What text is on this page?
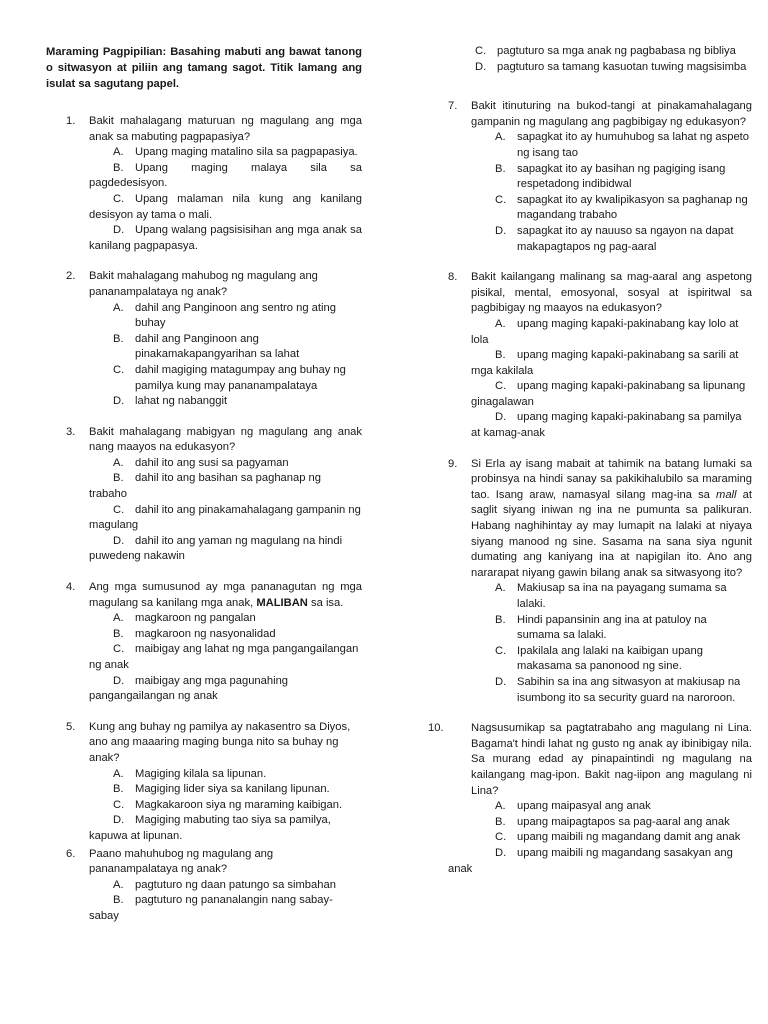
Maraming Pagpipilian: Basahing mabuti ang bawat tanong o sitwasyon at piliin ang tamang sagot. Titik lamang ang isulat sa sagutang papel.

1. Bakit mahalagang maturuan ng magulang ang mga anak sa mabuting pagpapasiya?
A. Upang maging matalino sila sa pagpapasiya.
B. Upang maging malaya sila sa pagdedesisyon.
C. Upang malaman nila kung ang kanilang desisyon ay tama o mali.
D. Upang walang pagsisisihan ang mga anak sa kanilang pagpapasya.
2. Bakit mahalagang mahubog ng magulang ang pananampalataya ng anak?
A. dahil ang Panginoon ang sentro ng ating buhay
B. dahil ang Panginoon ang pinakamakapangyarihan sa lahat
C. dahil magiging matagumpay ang buhay ng pamilya kung may pananampalataya
D. lahat ng nabanggit
3. Bakit mahalagang mabigyan ng magulang ang anak nang maayos na edukasyon?
A. dahil ito ang susi sa pagyaman
B. dahil ito ang basihan sa paghanap ng trabaho
C. dahil ito ang pinakamahalagang gampanin ng magulang
D. dahil ito ang yaman ng magulang na hindi puwedeng nakawin
4. Ang mga sumusunod ay mga pananagutan ng mga magulang sa kanilang mga anak, MALIBAN sa isa.
A. magkaroon ng pangalan
B. magkaroon ng nasyonalidad
C. maibigay ang lahat ng mga pangangailangan ng anak
D. maibigay ang mga pagunahing pangangailangan ng anak
5. Kung ang buhay ng pamilya ay nakasentro sa Diyos, ano ang maaaring maging bunga nito sa buhay ng anak?
A. Magiging kilala sa lipunan.
B. Magiging lider siya sa kanilang lipunan.
C. Magkakaroon siya ng maraming kaibigan.
D. Magiging mabuting tao siya sa pamilya, kapuwa at lipunan.
6. Paano mahuhubog ng magulang ang pananampalataya ng anak?
A. pagtuturo ng daan patungo sa simbahan
B. pagtuturo ng pananalangin nang sabay-sabay
C. pagtuturo sa mga anak ng pagbabasa ng bibliya
D. pagtuturo sa tamang kasuotan tuwing magsisimba
7. Bakit itinuturing na bukod-tangi at pinakamahalagang gampanin ng magulang ang pagbibigay ng edukasyon?
A. sapagkat ito ay humuhubog sa lahat ng aspeto ng isang tao
B. sapagkat ito ay basihan ng pagiging isang respetadong indibidwal
C. sapagkat ito ay kwalipikasyon sa paghanap ng magandang trabaho
D. sapagkat ito ay nauuso sa ngayon na dapat makapagtapos ng pag-aaral
8. Bakit kailangang malinang sa mag-aaral ang aspetong pisikal, mental, emosyonal, sosyal at ispiritwal sa pagbibigay ng maayos na edukasyon?
A. upang maging kapaki-pakinabang kay lolo at lola
B. upang maging kapaki-pakinabang sa sarili at mga kakilala
C. upang maging kapaki-pakinabang sa lipunang ginagalawan
D. upang maging kapaki-pakinabang sa pamilya at kamag-anak
9. Si Erla ay isang mabait at tahimik na batang lumaki sa probinsya na hindi sanay sa pakikihalubilo sa maraming tao. Isang araw, namasyal silang mag-ina sa mall at saglit siyang iniwan ng ina ne pumunta sa palikuran. Habang naghihintay ay may lumapit na lalaki at niyaya siyang manood ng sine. Sasama na sana siya ngunit dumating ang kaniyang ina at napigilan ito. Ano ang nararapat niyang gawin bilang anak sa sitwasyong ito?
A. Makiusap sa ina na payagang sumama sa lalaki.
B. Hindi papansinin ang ina at patuloy na sumama sa lalaki.
C. Ipakilala ang lalaki na kaibigan upang makasama sa panonood ng sine.
D. Sabihin sa ina ang sitwasyon at makiusap na isumbong ito sa security guard na naroroon.
10. Nagsusumikap sa pagtatrabaho ang magulang ni Lina. Bagama't hindi lahat ng gusto ng anak ay ibinibigay nila. Sa murang edad ay pinapaintindi ng magulang na kailangang mag-ipon. Bakit nag-iipon ang magulang ni Lina?
A. upang maipasyal ang anak
B. upang maipagtapos sa pag-aaral ang anak
C. upang maibili ng magandang damit ang anak
D. upang maibili ng magandang sasakyan ang anak
